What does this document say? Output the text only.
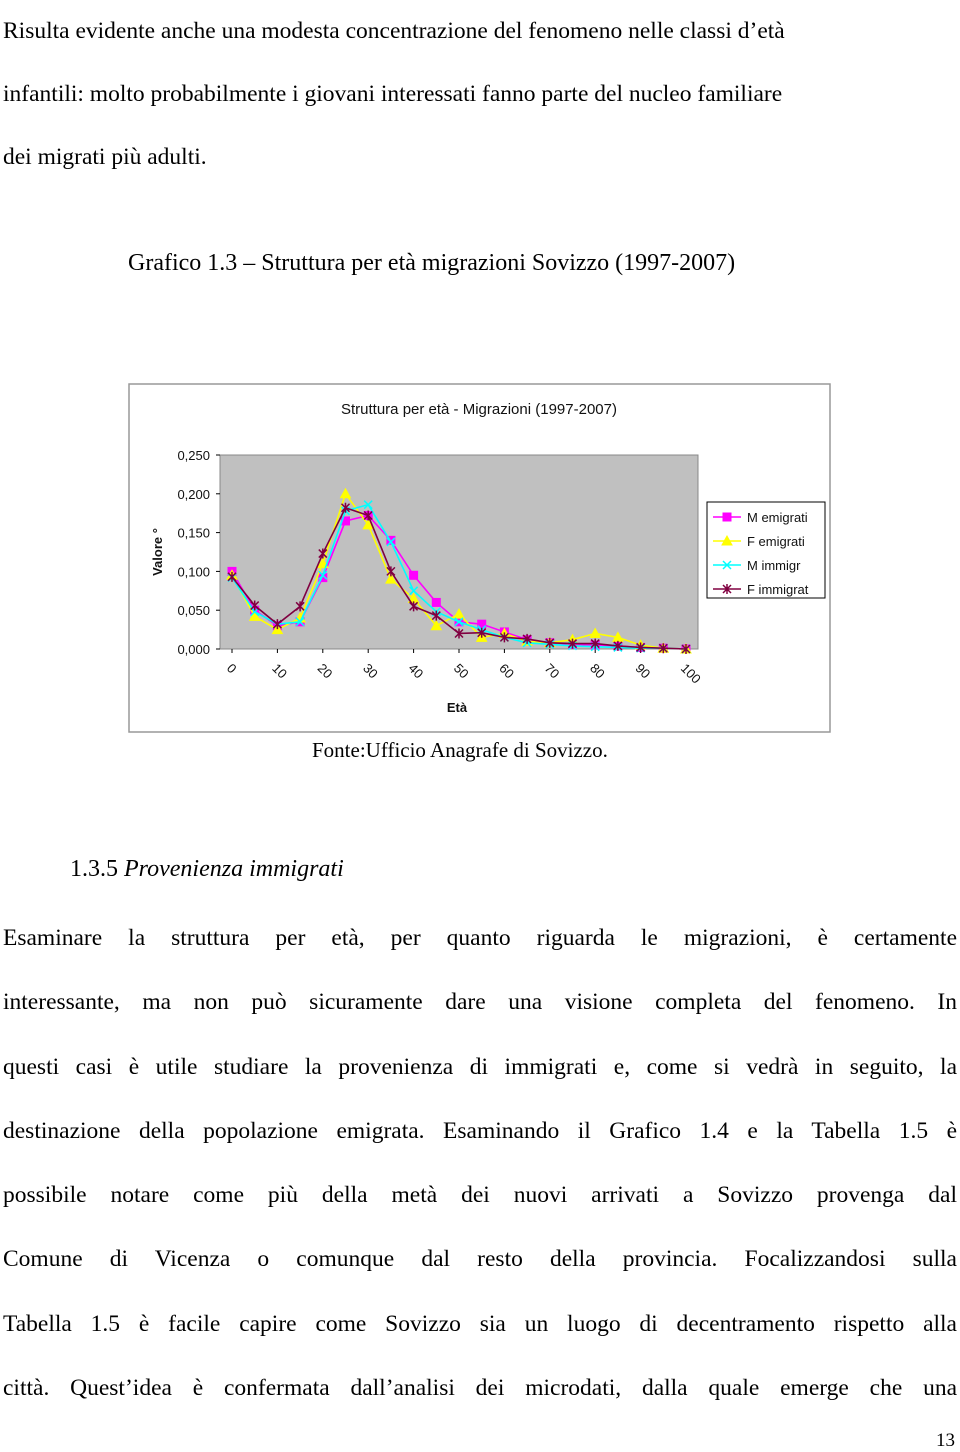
Risulta evidente anche una modesta concentrazione del fenomeno nelle classi d’età
infantili: molto probabilmente i giovani interessati fanno parte del nucleo familiare
dei migrati più adulti.
Grafico 1.3 – Struttura per età migrazioni Sovizzo (1997-2007)
Struttura per età - Migrazioni (1997-2007)
0,000
0,050
0,100
0,150
0,200
0,250
0 10 20 30 40 50 60 70 80 90 100
Età
Valore °
M emigrati
F emigrati
M immigr
F immigrat
Fonte:Ufficio Anagrafe di Sovizzo.
1.3.5 Provenienza immigrati
Esaminare la struttura per età, per quanto riguarda le migrazioni, è certamente
interessante, ma non può sicuramente dare una visione completa del fenomeno. In
questi casi è utile studiare la provenienza di immigrati e, come si vedrà in seguito, la
destinazione della popolazione emigrata. Esaminando il Grafico 1.4 e la Tabella 1.5 è
possibile notare come più della metà dei nuovi arrivati a Sovizzo provenga dal
Comune di Vicenza o comunque dal resto della provincia. Focalizzandosi sulla
Tabella 1.5 è facile capire come Sovizzo sia un luogo di decentramento rispetto alla
città. Quest’idea è confermata dall’analisi dei microdati, dalla quale emerge che una
13
